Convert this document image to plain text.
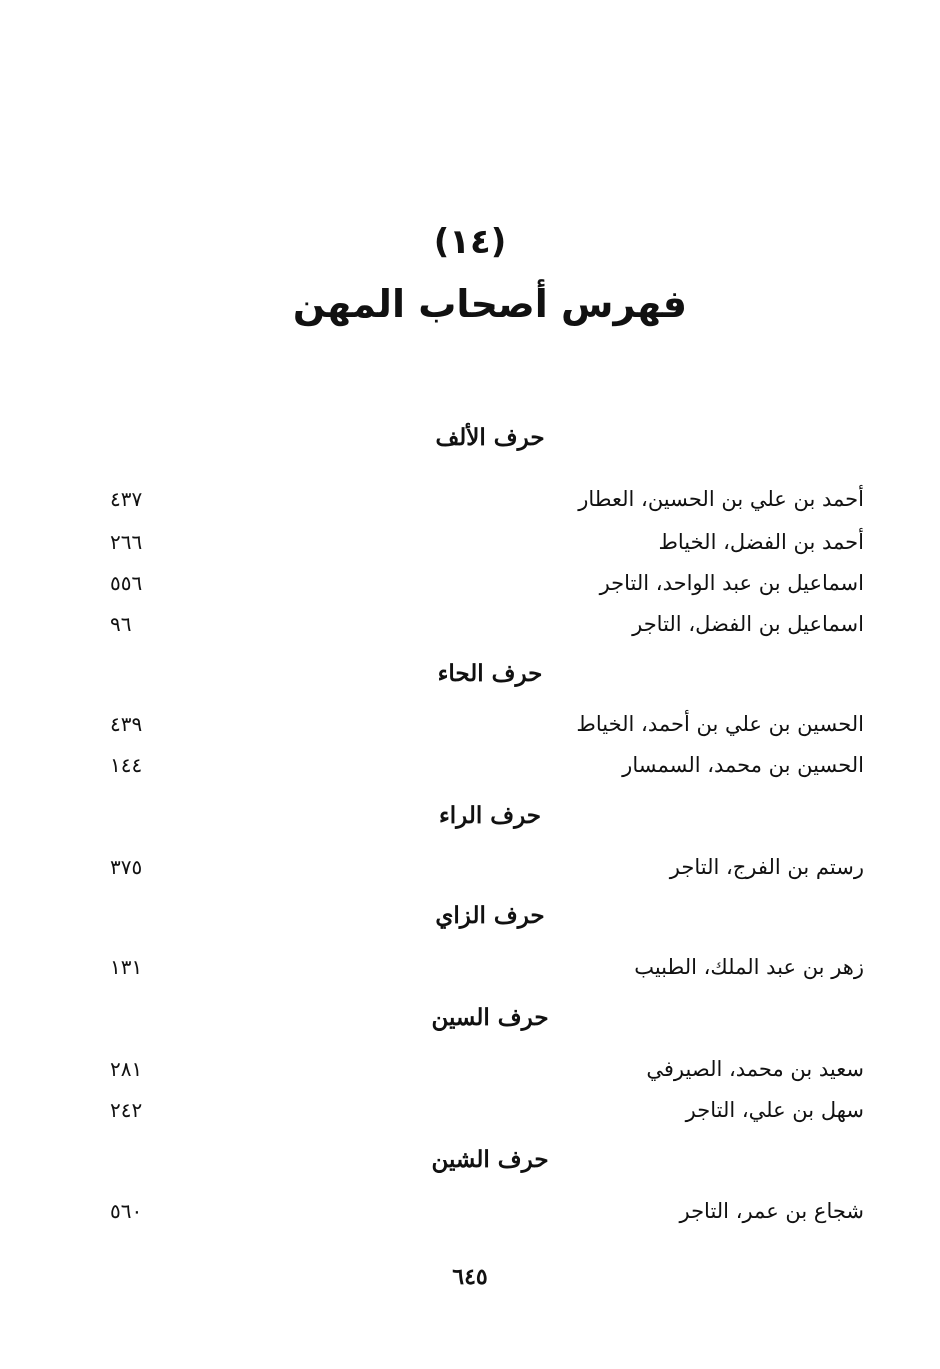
(١٤)
فهرس أصحاب المهن
حرف الألف
أحمد بن علي بن الحسين، العطار
٤٣٧
أحمد بن الفضل، الخياط
٢٦٦
اسماعيل بن عبد الواحد، التاجر
٥٥٦
اسماعيل بن الفضل، التاجر
٩٦
حرف الحاء
الحسين بن علي بن أحمد، الخياط
٤٣٩
الحسين بن محمد، السمسار
١٤٤
حرف الراء
رستم بن الفرج، التاجر
٣٧٥
حرف الزاي
زهر بن عبد الملك، الطبيب
١٣١
حرف السين
سعيد بن محمد، الصيرفي
٢٨١
سهل بن علي، التاجر
٢٤٢
حرف الشين
شجاع بن عمر، التاجر
٥٦٠
٦٤٥
